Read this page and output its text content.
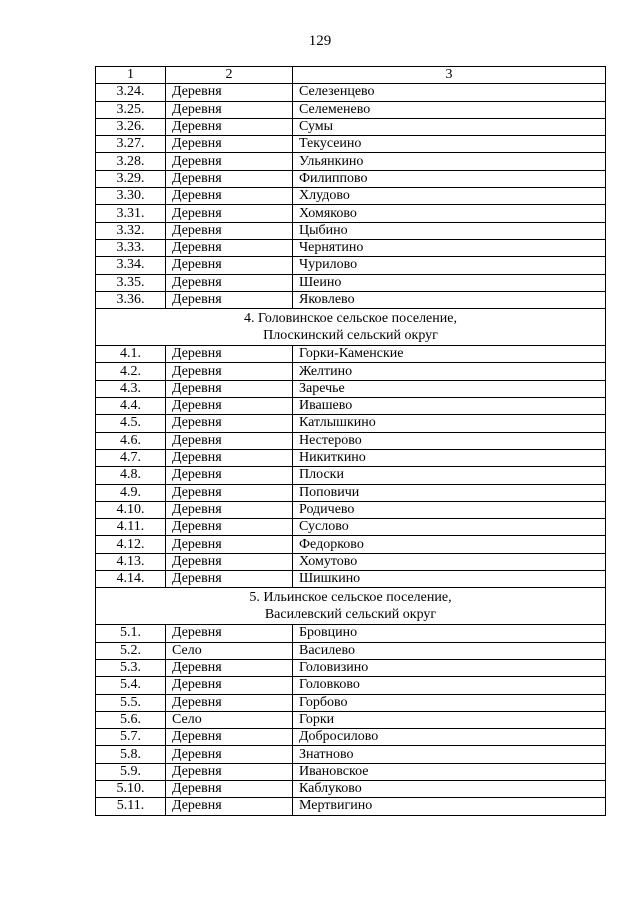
129
1	2	3
3.24.	Деревня	Селезенцево
3.25.	Деревня	Селеменево
3.26.	Деревня	Сумы
3.27.	Деревня	Текусеино
3.28.	Деревня	Ульянкино
3.29.	Деревня	Филиппово
3.30.	Деревня	Хлудово
3.31.	Деревня	Хомяково
3.32.	Деревня	Цыбино
3.33.	Деревня	Чернятино
3.34.	Деревня	Чурилово
3.35.	Деревня	Шеино
3.36.	Деревня	Яковлево

4. Головинское сельское поселение,
Плоскинский сельский округ		

4.1.	Деревня	Горки-Каменские
4.2.	Деревня	Желтино
4.3.	Деревня	Заречье
4.4.	Деревня	Ивашево
4.5.	Деревня	Катлышкино
4.6.	Деревня	Нестерово
4.7.	Деревня	Никиткино
4.8.	Деревня	Плоски
4.9.	Деревня	Поповичи
4.10.	Деревня	Родичево
4.11.	Деревня	Суслово
4.12.	Деревня	Федорково
4.13.	Деревня	Хомутово
4.14.	Деревня	Шишкино

5. Ильинское сельское поселение,
Василевский сельский округ		

5.1.	Деревня	Бровцино
5.2.	Село	Василево
5.3.	Деревня	Головизино
5.4.	Деревня	Головково
5.5.	Деревня	Горбово
5.6.	Село	Горки
5.7.	Деревня	Добросилово
5.8.	Деревня	Знатново
5.9.	Деревня	Ивановское
5.10.	Деревня	Каблуково
5.11.	Деревня	Мертвигино
